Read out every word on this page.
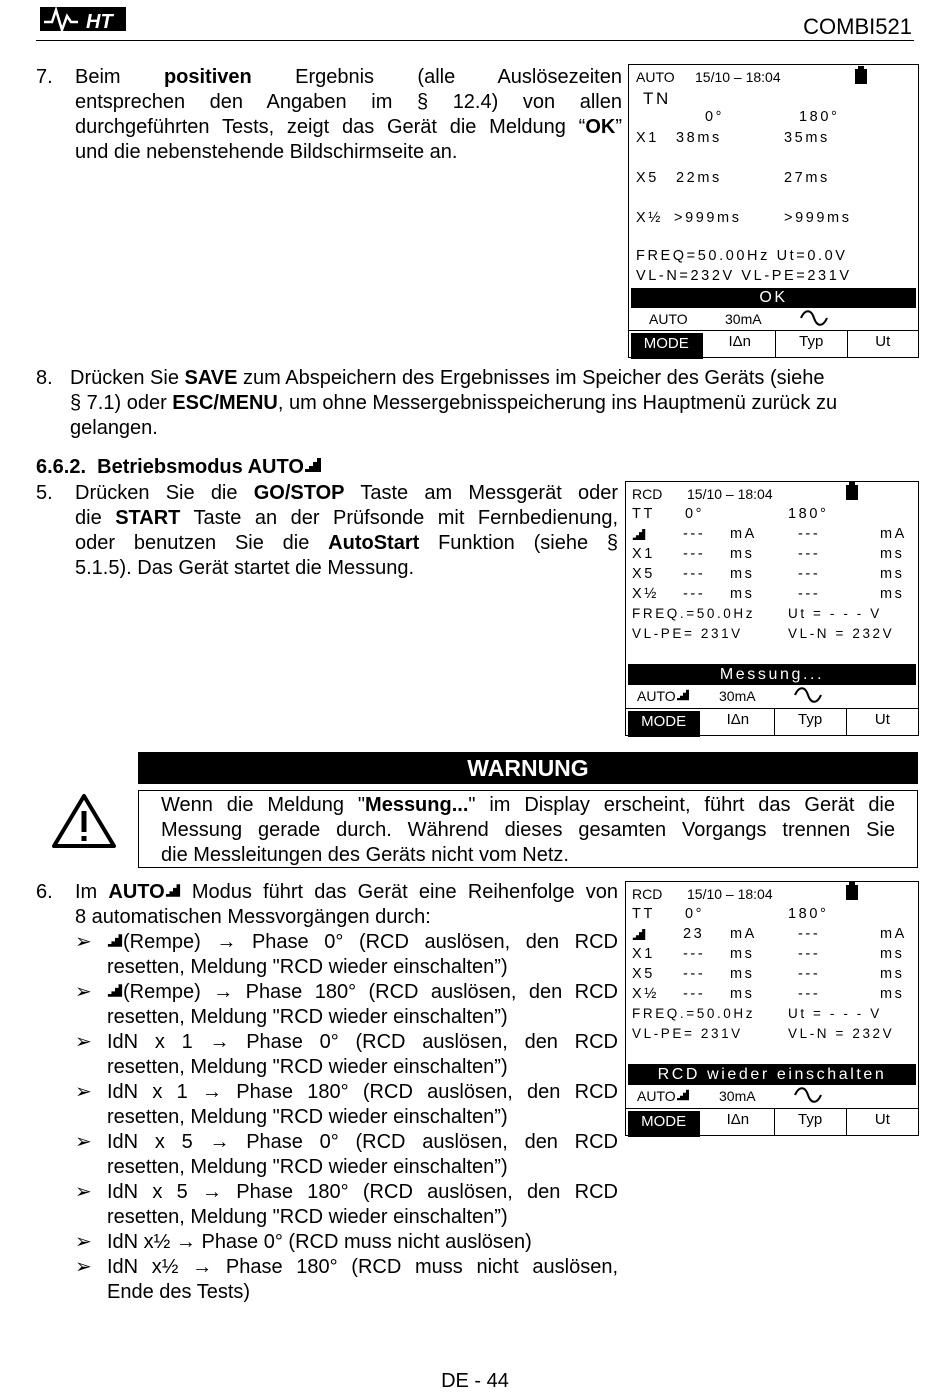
HT	COMBI521
7. Beim positiven Ergebnis (alle Auslösezeiten
entsprechen den Angaben im § 12.4) von allen
durchgeführten Tests, zeigt das Gerät die Meldung “OK”
und die nebenstehende Bildschirmseite an.
AUTO 15/10 – 18:04
TN
0°	180°
X1 38ms	35ms
X5 22ms	27ms
X½ >999ms	>999ms
FREQ=50.00Hz Ut=0.0V
VL-N=232V VL-PE=231V
OK
AUTO	30mA
MODE	IΔn	Typ	Ut
8. Drücken Sie SAVE zum Abspeichern des Ergebnisses im Speicher des Geräts (siehe
§ 7.1) oder ESC/MENU, um ohne Messergebnisspeicherung ins Hauptmenü zurück zu
gelangen.
6.6.2. Betriebsmodus AUTO
5. Drücken Sie die GO/STOP Taste am Messgerät oder
die START Taste an der Prüfsonde mit Fernbedienung,
oder benutzen Sie die AutoStart Funktion (siehe §
5.1.5). Das Gerät startet die Messung.
RCD 15/10 – 18:04
TT 0°	180°
--- mA	---	mA
X1 --- ms	---	ms
X5 --- ms	---	ms
X½ --- ms	---	ms
FREQ.=50.0Hz Ut = - - - V
VL-PE= 231V	VL-N = 232V
Messung...
AUTO	30mA
MODE	IΔn	Typ	Ut
WARNUNG
Wenn die Meldung "Messung..." im Display erscheint, führt das Gerät die
Messung gerade durch. Während dieses gesamten Vorgangs trennen Sie
die Messleitungen des Geräts nicht vom Netz.
6. Im AUTO Modus führt das Gerät eine Reihenfolge von
8 automatischen Messvorgängen durch:
➢	(Rempe) → Phase 0° (RCD auslösen, den RCD
resetten, Meldung "RCD wieder einschalten”)
➢	(Rempe) → Phase 180° (RCD auslösen, den RCD
resetten, Meldung "RCD wieder einschalten”)
➢ IdN x 1 → Phase 0° (RCD auslösen, den RCD
resetten, Meldung "RCD wieder einschalten”)
➢ IdN x 1 → Phase 180° (RCD auslösen, den RCD
resetten, Meldung "RCD wieder einschalten”)
➢ IdN x 5 → Phase 0° (RCD auslösen, den RCD
resetten, Meldung "RCD wieder einschalten”)
➢ IdN x 5 → Phase 180° (RCD auslösen, den RCD
resetten, Meldung "RCD wieder einschalten”)
➢ IdN x½ → Phase 0° (RCD muss nicht auslösen)
➢ IdN x½ → Phase 180° (RCD muss nicht auslösen,
Ende des Tests)
RCD 15/10 – 18:04
TT 0°	180°
23 mA	---	mA
X1 --- ms	---	ms
X5 --- ms	---	ms
X½ --- ms	---	ms
FREQ.=50.0Hz Ut = - - - V
VL-PE= 231V	VL-N = 232V
RCD wieder einschalten
AUTO	30mA
MODE	IΔn	Typ	Ut
DE - 44
